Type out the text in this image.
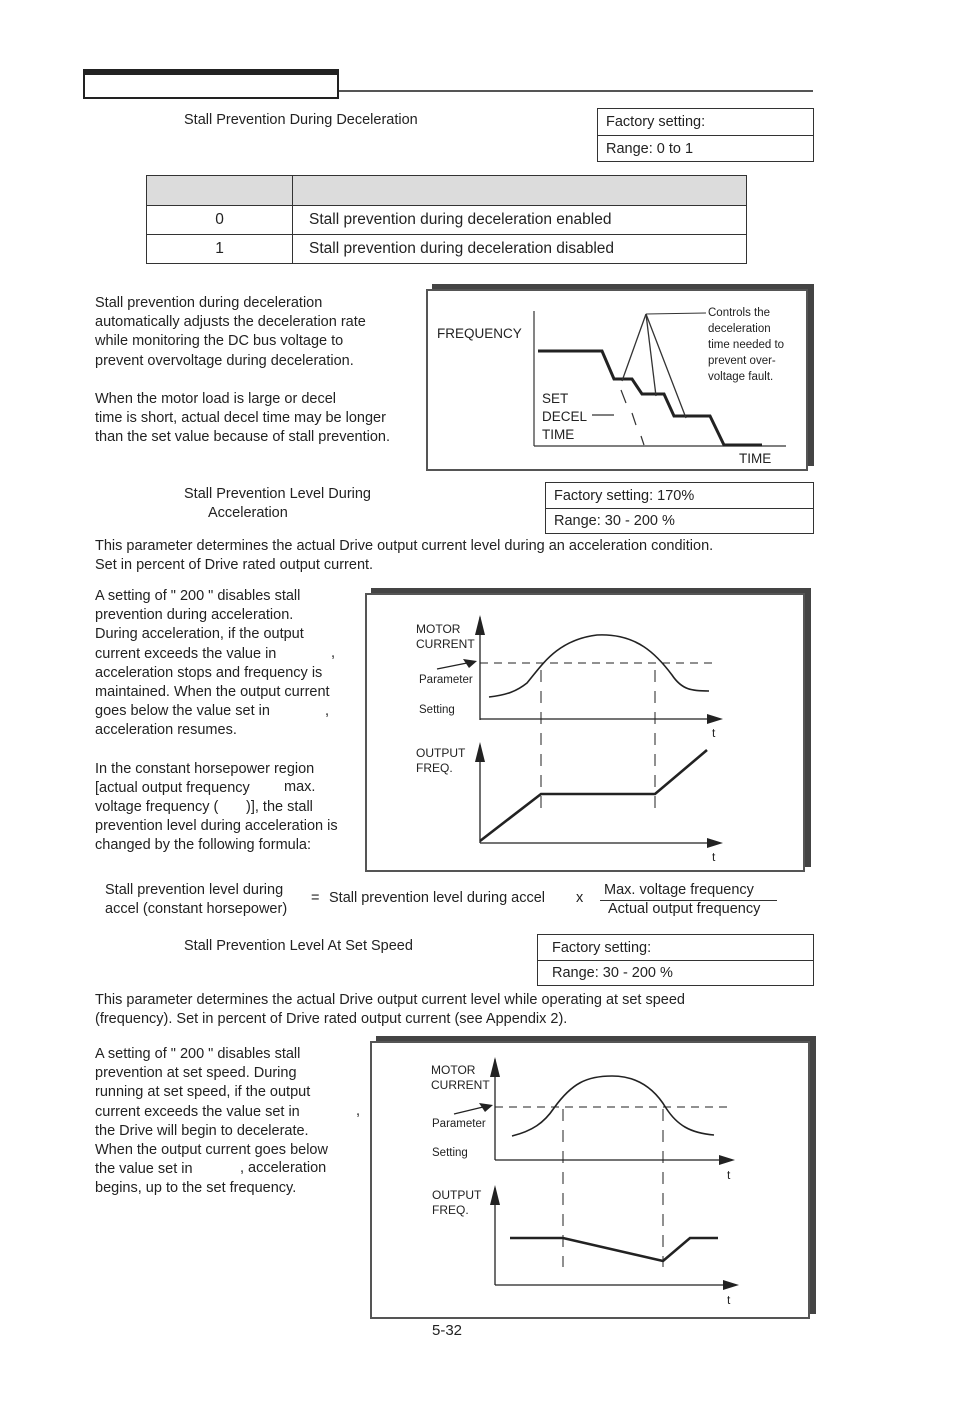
Stall Prevention During Deceleration	Factory setting:
Range: 0 to 1

0	Stall prevention during deceleration enabled
1	Stall prevention during deceleration disabled
Stall prevention during deceleration
automatically adjusts the deceleration rate
while monitoring the DC bus voltage to
prevent overvoltage during deceleration.
When the motor load is large or decel
time is short, actual decel time may be longer
than the set value because of stall prevention.
FREQUENCY
TIME
SET
DECEL
TIME
Controls the
deceleration
time needed to
prevent over-
voltage fault.
Stall Prevention Level During
Acceleration
Factory setting: 170%
Range: 30 - 200 %
This parameter determines the actual Drive output current level during an acceleration condition.
Set in percent of Drive rated output current.
A setting of " 200 " disables stall
prevention during acceleration.
During acceleration, if the output
current exceeds the value in
acceleration stops and frequency is
maintained. When the output current
goes below the value set in
acceleration resumes.
In the constant horsepower region
[actual output frequency
voltage frequency (
prevention level during acceleration is
changed by the following formula:
,
,
max.
)], the stall
MOTOR
CURRENT
Parameter
Setting
t
OUTPUT
FREQ.
t
Stall prevention level during
accel (constant horsepower)
= Stall prevention level during accel x Max. voltage frequency
Actual output frequency
Stall Prevention Level At Set Speed	Factory setting:
Range: 30 - 200 %
This parameter determines the actual Drive output current level while operating at set speed
(frequency). Set in percent of Drive rated output current (see Appendix 2).
A setting of " 200 " disables stall
prevention at set speed. During
running at set speed, if the output
current exceeds the value set in
the Drive will begin to decelerate.
When the output current goes below
the value set in
begins, up to the set frequency.
,
, acceleration
MOTOR
CURRENT
Parameter
Setting
t
OUTPUT
FREQ.
t
5-32
